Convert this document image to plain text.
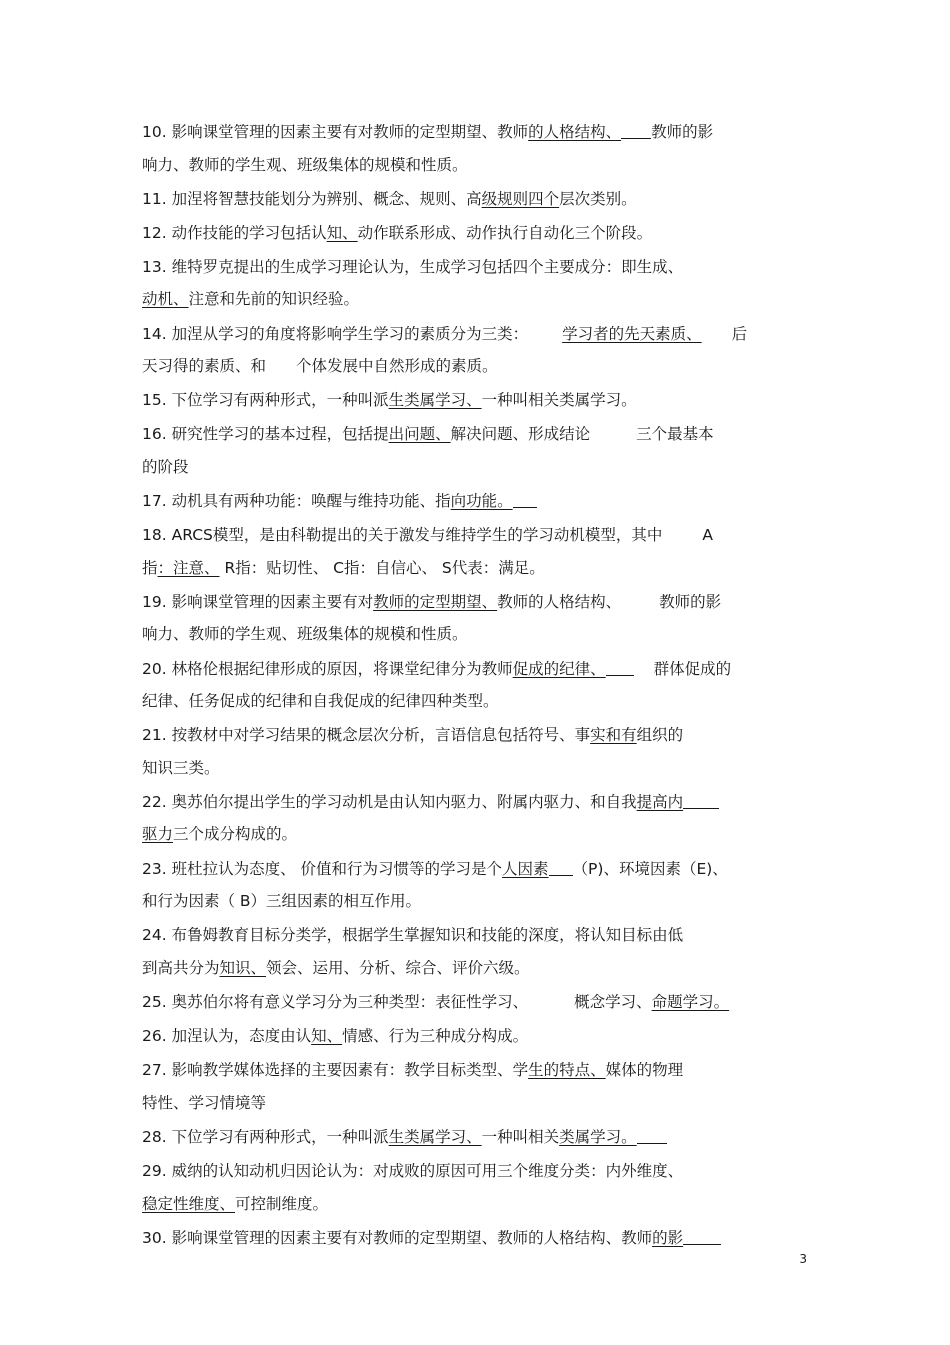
10. 影响课堂管理的因素主要有对教师的定型期望、教师的人格结构、 教师的影
响力、教师的学生观、班级集体的规模和性质。
11. 加涅将智慧技能划分为辨别、概念、规则、高级规则四个层次类别。
12. 动作技能的学习包括认知、动作联系形成、动作执行自动化三个阶段。
13. 维特罗克提出的生成学习理论认为，生成学习包括四个主要成分：即生成、
动机、注意和先前的知识经验。
14. 加涅从学习的角度将影响学生学习的素质分为三类： 学习者的先天素质、 后
天习得的素质、和 个体发展中自然形成的素质。
15. 下位学习有两种形式，一种叫派生类属学习、一种叫相关类属学习。
16. 研究性学习的基本过程，包括提出问题、解决问题、形成结论	三个最基本
的阶段
17. 动机具有两种功能：唤醒与维持功能、指向功能。
18. ARCS模型，是由科勒提出的关于激发与维持学生的学习动机模型，其中	A
指：注意、 R指：贴切性、 C指：自信心、 S代表：满足。
19. 影响课堂管理的因素主要有对教师的定型期望、教师的人格结构、 教师的影
响力、教师的学生观、班级集体的规模和性质。
20. 林格伦根据纪律形成的原因，将课堂纪律分为教师促成的纪律、	群体促成的
纪律、任务促成的纪律和自我促成的纪律四种类型。
21. 按教材中对学习结果的概念层次分析，言语信息包括符号、事实和有组织的
知识三类。
22. 奥苏伯尔提出学生的学习动机是由认知内驱力、附属内驱力、和自我提高内
驱力三个成分构成的。
23. 班杜拉认为态度、 价值和行为习惯等的学习是个人因素 （P)、环境因素（E)、
和行为因素（ B）三组因素的相互作用。
24. 布鲁姆教育目标分类学，根据学生掌握知识和技能的深度，将认知目标由低
到高共分为知识、领会、运用、分析、综合、评价六级。
25. 奥苏伯尔将有意义学习分为三种类型：表征性学习、	概念学习、命题学习。
26. 加涅认为，态度由认知、情感、行为三种成分构成。
27. 影响教学媒体选择的主要因素有：教学目标类型、学生的特点、媒体的物理
特性、学习情境等
28. 下位学习有两种形式，一种叫派生类属学习、一种叫相关类属学习。
29. 威纳的认知动机归因论认为：对成败的原因可用三个维度分类：内外维度、
稳定性维度、可控制维度。
30. 影响课堂管理的因素主要有对教师的定型期望、教师的人格结构、教师的影
3
